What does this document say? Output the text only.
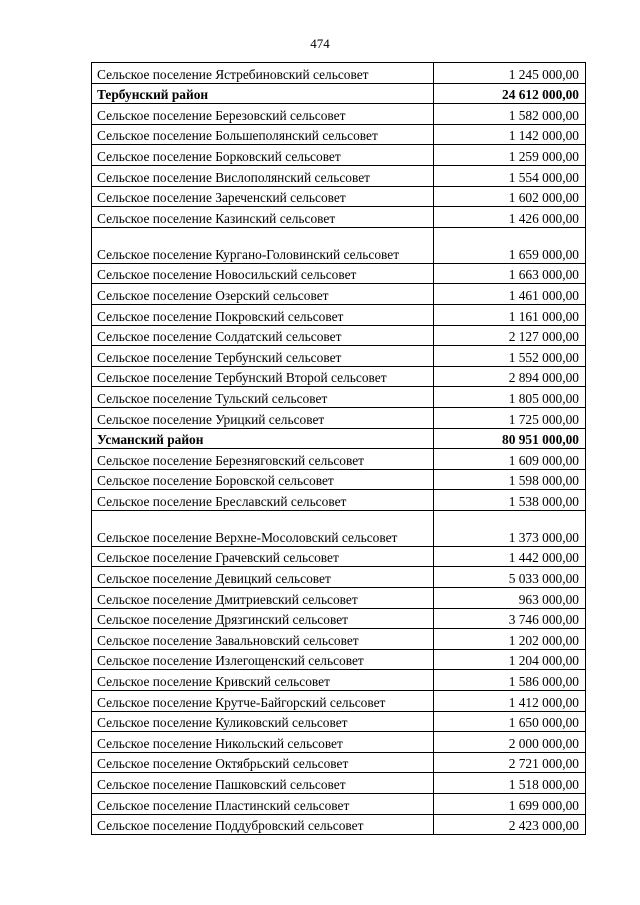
474
Сельское поселение Ястребиновский сельсовет	1 245 000,00
Тербунский район	24 612 000,00
Сельское поселение Березовский сельсовет	1 582 000,00
Сельское поселение Большеполянский сельсовет	1 142 000,00
Сельское поселение Борковский сельсовет	1 259 000,00
Сельское поселение Вислополянский сельсовет	1 554 000,00
Сельское поселение Зареченский сельсовет	1 602 000,00
Сельское поселение Казинский сельсовет	1 426 000,00
Сельское поселение Кургано-Головинский сельсовет	1 659 000,00
Сельское поселение Новосильский сельсовет	1 663 000,00
Сельское поселение Озерский сельсовет	1 461 000,00
Сельское поселение Покровский сельсовет	1 161 000,00
Сельское поселение Солдатский сельсовет	2 127 000,00
Сельское поселение Тербунский сельсовет	1 552 000,00
Сельское поселение Тербунский Второй сельсовет	2 894 000,00
Сельское поселение Тульский сельсовет	1 805 000,00
Сельское поселение Урицкий сельсовет	1 725 000,00
Усманский район	80 951 000,00
Сельское поселение Березняговский сельсовет	1 609 000,00
Сельское поселение Боровской сельсовет	1 598 000,00
Сельское поселение Бреславский сельсовет	1 538 000,00
Сельское поселение Верхне-Мосоловский сельсовет	1 373 000,00
Сельское поселение Грачевский сельсовет	1 442 000,00
Сельское поселение Девицкий сельсовет	5 033 000,00
Сельское поселение Дмитриевский сельсовет	963 000,00
Сельское поселение Дрязгинский сельсовет	3 746 000,00
Сельское поселение Завальновский сельсовет	1 202 000,00
Сельское поселение Излегощенский сельсовет	1 204 000,00
Сельское поселение Кривский сельсовет	1 586 000,00
Сельское поселение Крутче-Байгорский сельсовет	1 412 000,00
Сельское поселение Куликовский сельсовет	1 650 000,00
Сельское поселение Никольский сельсовет	2 000 000,00
Сельское поселение Октябрьский сельсовет	2 721 000,00
Сельское поселение Пашковский сельсовет	1 518 000,00
Сельское поселение Пластинский сельсовет	1 699 000,00
Сельское поселение Поддубровский сельсовет	2 423 000,00
